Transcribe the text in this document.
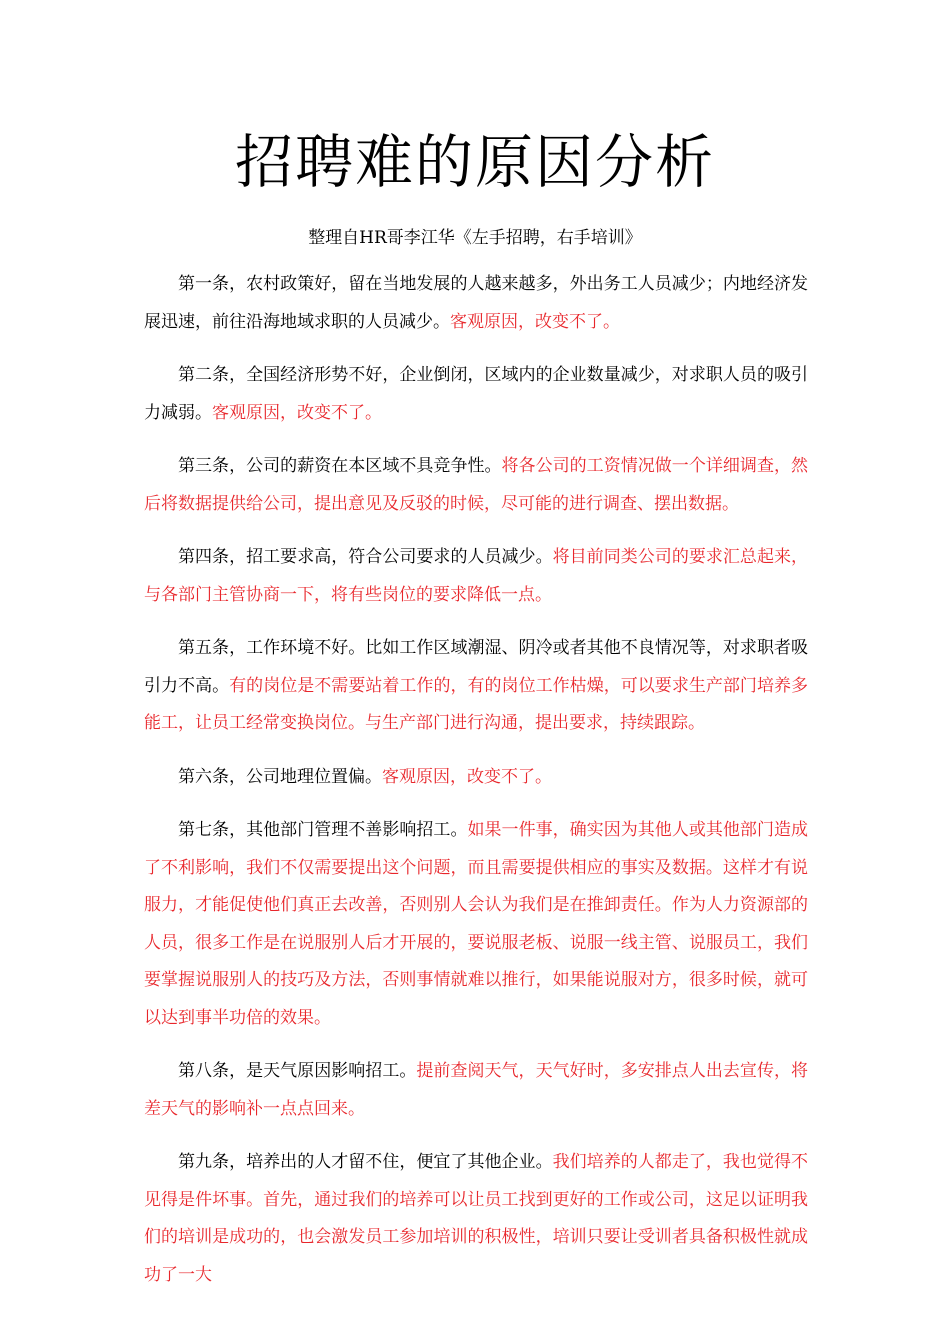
招聘难的原因分析

整理自HR哥李江华《左手招聘，右手培训》

第一条，农村政策好，留在当地发展的人越来越多，外出务工人员减少；内地经济发展迅速，前往沿海地域求职的人员减少。客观原因，改变不了。

第二条，全国经济形势不好，企业倒闭，区域内的企业数量减少，对求职人员的吸引力减弱。客观原因，改变不了。

第三条，公司的薪资在本区域不具竞争性。将各公司的工资情况做一个详细调查，然后将数据提供给公司，提出意见及反驳的时候，尽可能的进行调查、摆出数据。

第四条，招工要求高，符合公司要求的人员减少。将目前同类公司的要求汇总起来，与各部门主管协商一下，将有些岗位的要求降低一点。

第五条，工作环境不好。比如工作区域潮湿、阴冷或者其他不良情况等，对求职者吸引力不高。有的岗位是不需要站着工作的，有的岗位工作枯燥，可以要求生产部门培养多能工，让员工经常变换岗位。与生产部门进行沟通，提出要求，持续跟踪。

第六条，公司地理位置偏。客观原因，改变不了。

第七条，其他部门管理不善影响招工。如果一件事，确实因为其他人或其他部门造成了不利影响，我们不仅需要提出这个问题，而且需要提供相应的事实及数据。这样才有说服力，才能促使他们真正去改善，否则别人会认为我们是在推卸责任。作为人力资源部的人员，很多工作是在说服别人后才开展的，要说服老板、说服一线主管、说服员工，我们要掌握说服别人的技巧及方法，否则事情就难以推行，如果能说服对方，很多时候，就可以达到事半功倍的效果。

第八条，是天气原因影响招工。提前查阅天气，天气好时，多安排点人出去宣传，将差天气的影响补一点点回来。

第九条，培养出的人才留不住，便宜了其他企业。我们培养的人都走了，我也觉得不见得是件坏事。首先，通过我们的培养可以让员工找到更好的工作或公司，这足以证明我们的培训是成功的，也会激发员工参加培训的积极性，培训只要让受训者具备积极性就成功了一大
